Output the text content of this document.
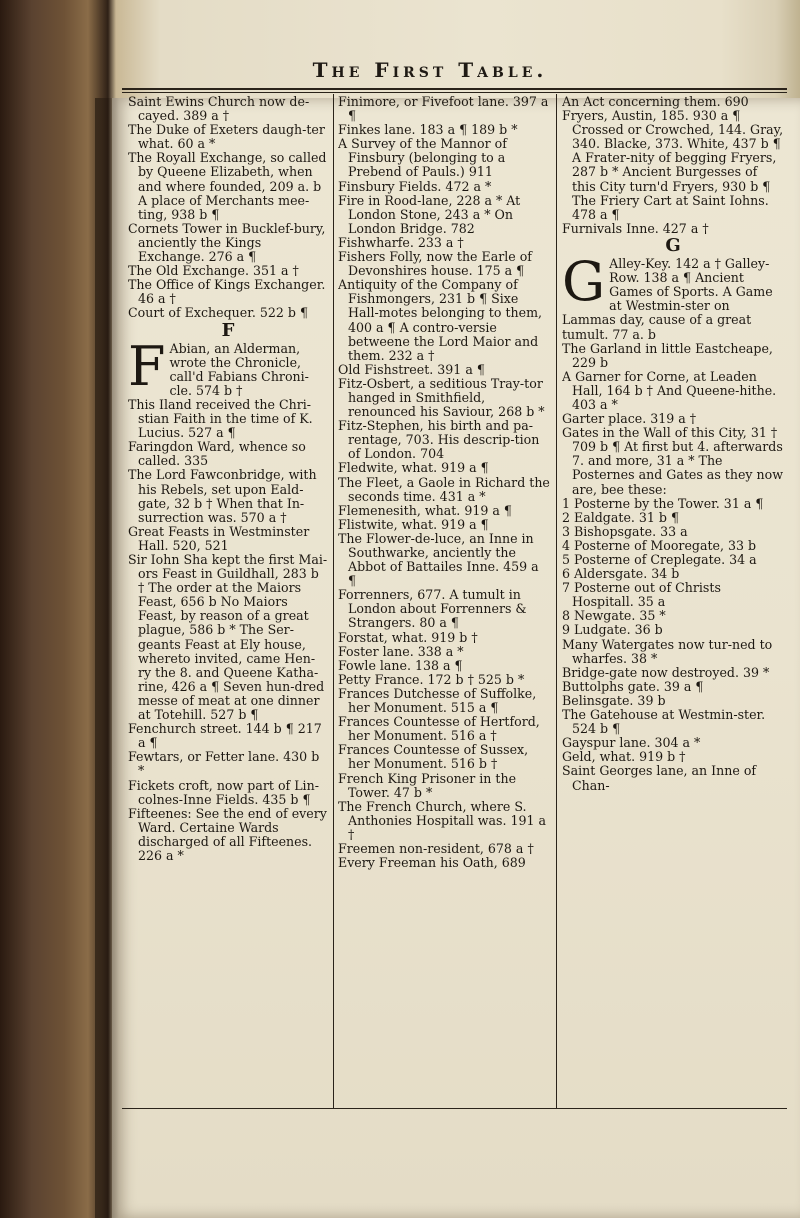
The First Table.

Saint Ewins Church now de-cayed. 389 a †

The Duke of Exeters daugh-ter what. 60 a *

The Royall Exchange, so called by Queene Elizabeth, when and where founded, 209 a. b A place of Merchants mee-ting, 938 b ¶

Cornets Tower in Bucklef-bury, anciently the Kings Exchange. 276 a ¶

The Old Exchange. 351 a †

The Office of Kings Exchanger. 46 a †

Court of Exchequer. 522 b ¶

F

F Abian, an Alderman, wrote the Chronicle, call'd Fabians Chroni-cle. 574 b †

This Iland received the Chri-stian Faith in the time of K. Lucius. 527 a ¶

Faringdon Ward, whence so called. 335

The Lord Fawconbridge, with his Rebels, set upon Eald-gate, 32 b † When that In-surrection was. 570 a †

Great Feasts in Westminster Hall. 520, 521

Sir Iohn Sha kept the first Mai-ors Feast in Guildhall, 283 b † The order at the Maiors Feast, 656 b No Maiors Feast, by reason of a great plague, 586 b * The Ser-geants Feast at Ely house, whereto invited, came Hen-ry the 8. and Queene Katha-rine, 426 a ¶ Seven hun-dred messe of meat at one dinner at Totehill. 527 b ¶

Fenchurch street. 144 b ¶ 217 a ¶

Fewtars, or Fetter lane. 430 b *

Fickets croft, now part of Lin-colnes-Inne Fields. 435 b ¶

Fifteenes: See the end of every Ward. Certaine Wards discharged of all Fifteenes. 226 a *

Finimore, or Fivefoot lane. 397 a ¶

Finkes lane. 183 a ¶ 189 b *

A Survey of the Mannor of Finsbury (belonging to a Prebend of Pauls.) 911

Finsbury Fields. 472 a *

Fire in Rood-lane, 228 a * At London Stone, 243 a * On London Bridge. 782

Fishwharfe. 233 a †

Fishers Folly, now the Earle of Devonshires house. 175 a ¶

Antiquity of the Company of Fishmongers, 231 b ¶ Sixe Hall-motes belonging to them, 400 a ¶ A contro-versie betweene the Lord Maior and them. 232 a †

Old Fishstreet. 391 a ¶

Fitz-Osbert, a seditious Tray-tor hanged in Smithfield, renounced his Saviour, 268 b *

Fitz-Stephen, his birth and pa-rentage, 703. His descrip-tion of London. 704

Fledwite, what. 919 a ¶

The Fleet, a Gaole in Richard the seconds time. 431 a *

Flemenesith, what. 919 a ¶

Flistwite, what. 919 a ¶

The Flower-de-luce, an Inne in Southwarke, anciently the Abbot of Battailes Inne. 459 a ¶

Forrenners, 677. A tumult in London about Forrenners & Strangers. 80 a ¶

Forstat, what. 919 b †

Foster lane. 338 a *

Fowle lane. 138 a ¶

Petty France. 172 b † 525 b *

Frances Dutchesse of Suffolke, her Monument. 515 a ¶

Frances Countesse of Hertford, her Monument. 516 a †

Frances Countesse of Sussex, her Monument. 516 b †

French King Prisoner in the Tower. 47 b *

The French Church, where S. Anthonies Hospitall was. 191 a †

Freemen non-resident, 678 a †

Every Freeman his Oath, 689

An Act concerning them. 690

Fryers, Austin, 185. 930 a ¶ Crossed or Crowched, 144. Gray, 340. Blacke, 373. White, 437 b ¶ A Frater-nity of begging Fryers, 287 b * Ancient Burgesses of this City turn'd Fryers, 930 b ¶ The Friery Cart at Saint Iohns. 478 a ¶

Furnivals Inne. 427 a †

G

G Alley-Key. 142 a † Galley-Row. 138 a ¶ Ancient Games of Sports. A Game at Westmin-ster on Lammas day, cause of a great tumult. 77 a. b

The Garland in little Eastcheape, 229 b

A Garner for Corne, at Leaden Hall, 164 b † And Queene-hithe. 403 a *

Garter place. 319 a †

Gates in the Wall of this City, 31 † 709 b ¶ At first but 4. afterwards 7. and more, 31 a * The Posternes and Gates as they now are, bee these:

1 Posterne by the Tower. 31 a ¶

2 Ealdgate. 31 b ¶

3 Bishopsgate. 33 a

4 Posterne of Mooregate, 33 b

5 Posterne of Creplegate. 34 a

6 Aldersgate. 34 b

7 Posterne out of Christs Hospitall. 35 a

8 Newgate. 35 *

9 Ludgate. 36 b

Many Watergates now tur-ned to wharfes. 38 *

Bridge-gate now destroyed. 39 *

Buttolphs gate. 39 a ¶

Belinsgate. 39 b

The Gatehouse at Westmin-ster. 524 b ¶

Gayspur lane. 304 a *

Geld, what. 919 b †

Saint Georges lane, an Inne of Chan-
